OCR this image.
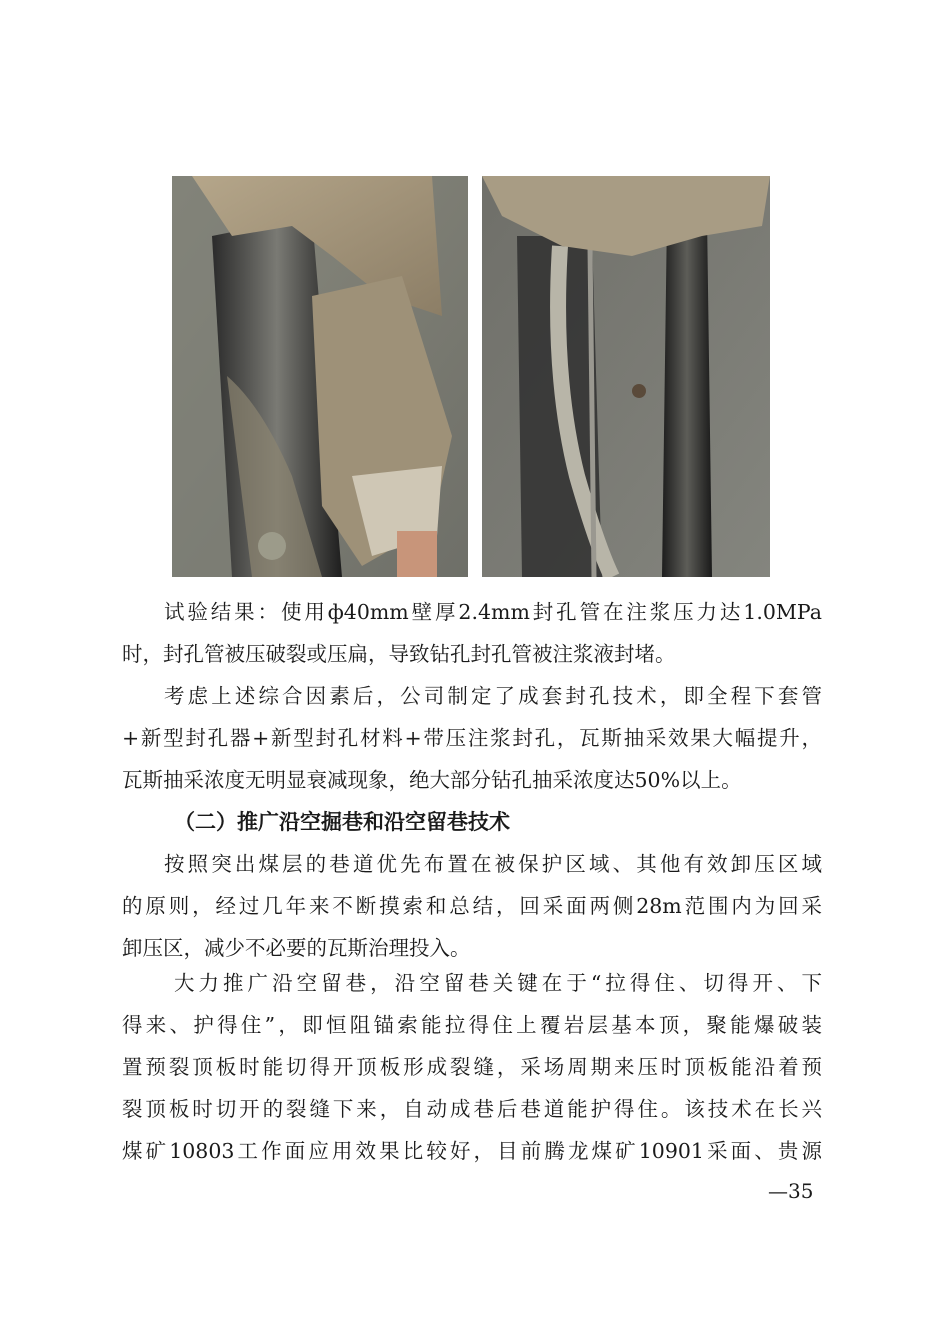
试验结果：使用ф40mm壁厚2.4mm封孔管在注浆压力达1.0MPa
时，封孔管被压破裂或压扁，导致钻孔封孔管被注浆液封堵。

考虑上述综合因素后，公司制定了成套封孔技术，即全程下套管
+新型封孔器+新型封孔材料+带压注浆封孔，瓦斯抽采效果大幅提升，
瓦斯抽采浓度无明显衰减现象，绝大部分钻孔抽采浓度达50%以上。

（二）推广沿空掘巷和沿空留巷技术

按照突出煤层的巷道优先布置在被保护区域、其他有效卸压区域
的原则，经过几年来不断摸索和总结，回采面两侧28m范围内为回采
卸压区，减少不必要的瓦斯治理投入。

大力推广沿空留巷，沿空留巷关键在于“拉得住、切得开、下
得来、护得住”，即恒阻锚索能拉得住上覆岩层基本顶，聚能爆破装
置预裂顶板时能切得开顶板形成裂缝，采场周期来压时顶板能沿着预
裂顶板时切开的裂缝下来，自动成巷后巷道能护得住。该技术在长兴
煤矿10803工作面应用效果比较好，目前腾龙煤矿10901采面、贵源

—35
